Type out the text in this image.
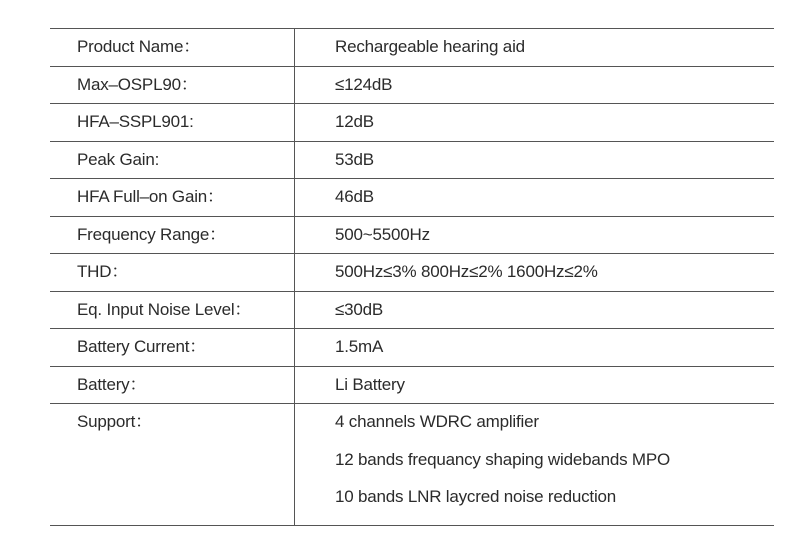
Product Name：	Rechargeable hearing aid
Max–OSPL90：	≤124dB
HFA–SSPL901:	12dB
Peak Gain:	53dB
HFA Full–on Gain：	46dB
Frequency Range：	500~5500Hz
THD：	500Hz≤3% 800Hz≤2% 1600Hz≤2%
Eq. Input Noise Level：	≤30dB
Battery Current：	1.5mA
Battery：	Li Battery
Support：	4 channels WDRC amplifier
12 bands frequancy shaping widebands MPO
10 bands LNR laycred noise reduction
